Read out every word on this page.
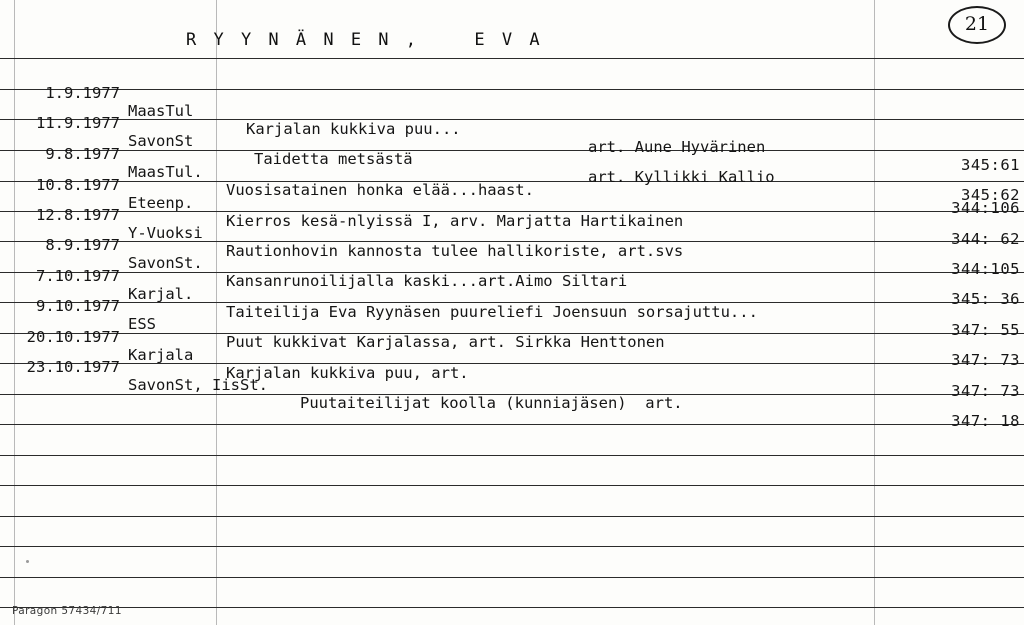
R Y Y N Ä N E N ,    E V A
21

1.9.1977

MaasTul

Karjalan kukkiva puu...

art. Aune Hyvärinen

345:61

11.9.1977

SavonSt

Taidetta metsästä

art. Kyllikki Kallio

345:62

9.8.1977

MaasTul.

Vuosisatainen honka elää...haast.

344:106

10.8.1977

Eteenp.

Kierros kesä-nlyissä I, arv. Marjatta Hartikainen

344: 62

12.8.1977

Y-Vuoksi

Rautionhovin kannosta tulee hallikoriste, art.svs

344:105

8.9.1977

SavonSt.

Kansanrunoilijalla kaski...art.Aimo Siltari

345: 36

7.10.1977

Karjal.

Taiteilija Eva Ryynäsen puureliefi Joensuun sorsajuttu...

347: 55

9.10.1977

ESS

Puut kukkivat Karjalassa, art. Sirkka Henttonen

347: 73

20.10.1977

Karjala

Karjalan kukkiva puu, art.

347: 73

23.10.1977

SavonSt, IisSt.

Puutaiteilijat koolla (kunniajäsen)  art.

347: 18

Paragon 57434/711
